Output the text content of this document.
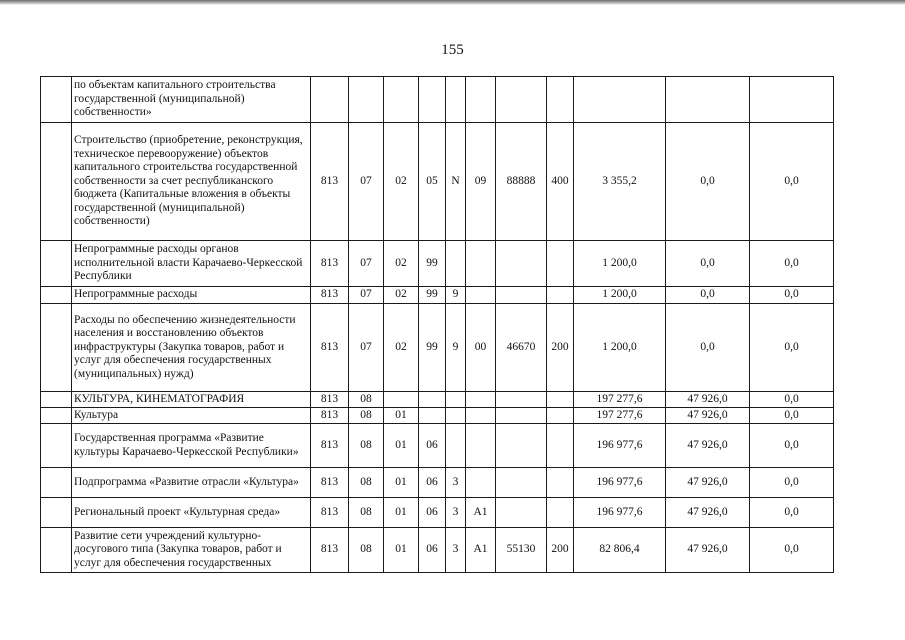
155
	по объектам капитального строительства государственной (муниципальной) собственности»											
	Строительство (приобретение, реконструкция, техническое перевооружение) объектов капитального строительства государственной собственности за счет республиканского бюджета (Капитальные вложения в объекты государственной (муниципальной) собственности)	813	07	02	05	N	09	88888	400	3 355,2	0,0	0,0
	Непрограммные расходы органов исполнительной власти Карачаево-Черкесской Республики	813	07	02	99					1 200,0	0,0	0,0
	Непрограммные расходы	813	07	02	99	9				1 200,0	0,0	0,0
	Расходы по обеспечению жизнедеятельности населения и восстановлению объектов инфраструктуры (Закупка товаров, работ и услуг для обеспечения государственных (муниципальных) нужд)	813	07	02	99	9	00	46670	200	1 200,0	0,0	0,0
	КУЛЬТУРА, КИНЕМАТОГРАФИЯ	813	08							197 277,6	47 926,0	0,0
	Культура	813	08	01						197 277,6	47 926,0	0,0
	Государственная программа «Развитие культуры Карачаево-Черкесской Республики»	813	08	01	06					196 977,6	47 926,0	0,0
	Подпрограмма «Развитие отрасли «Культура»	813	08	01	06	3				196 977,6	47 926,0	0,0
	Региональный проект «Культурная среда»	813	08	01	06	3	A1			196 977,6	47 926,0	0,0
	Развитие сети учреждений культурно-досугового типа (Закупка товаров, работ и услуг для обеспечения государственных	813	08	01	06	3	A1	55130	200	82 806,4	47 926,0	0,0
